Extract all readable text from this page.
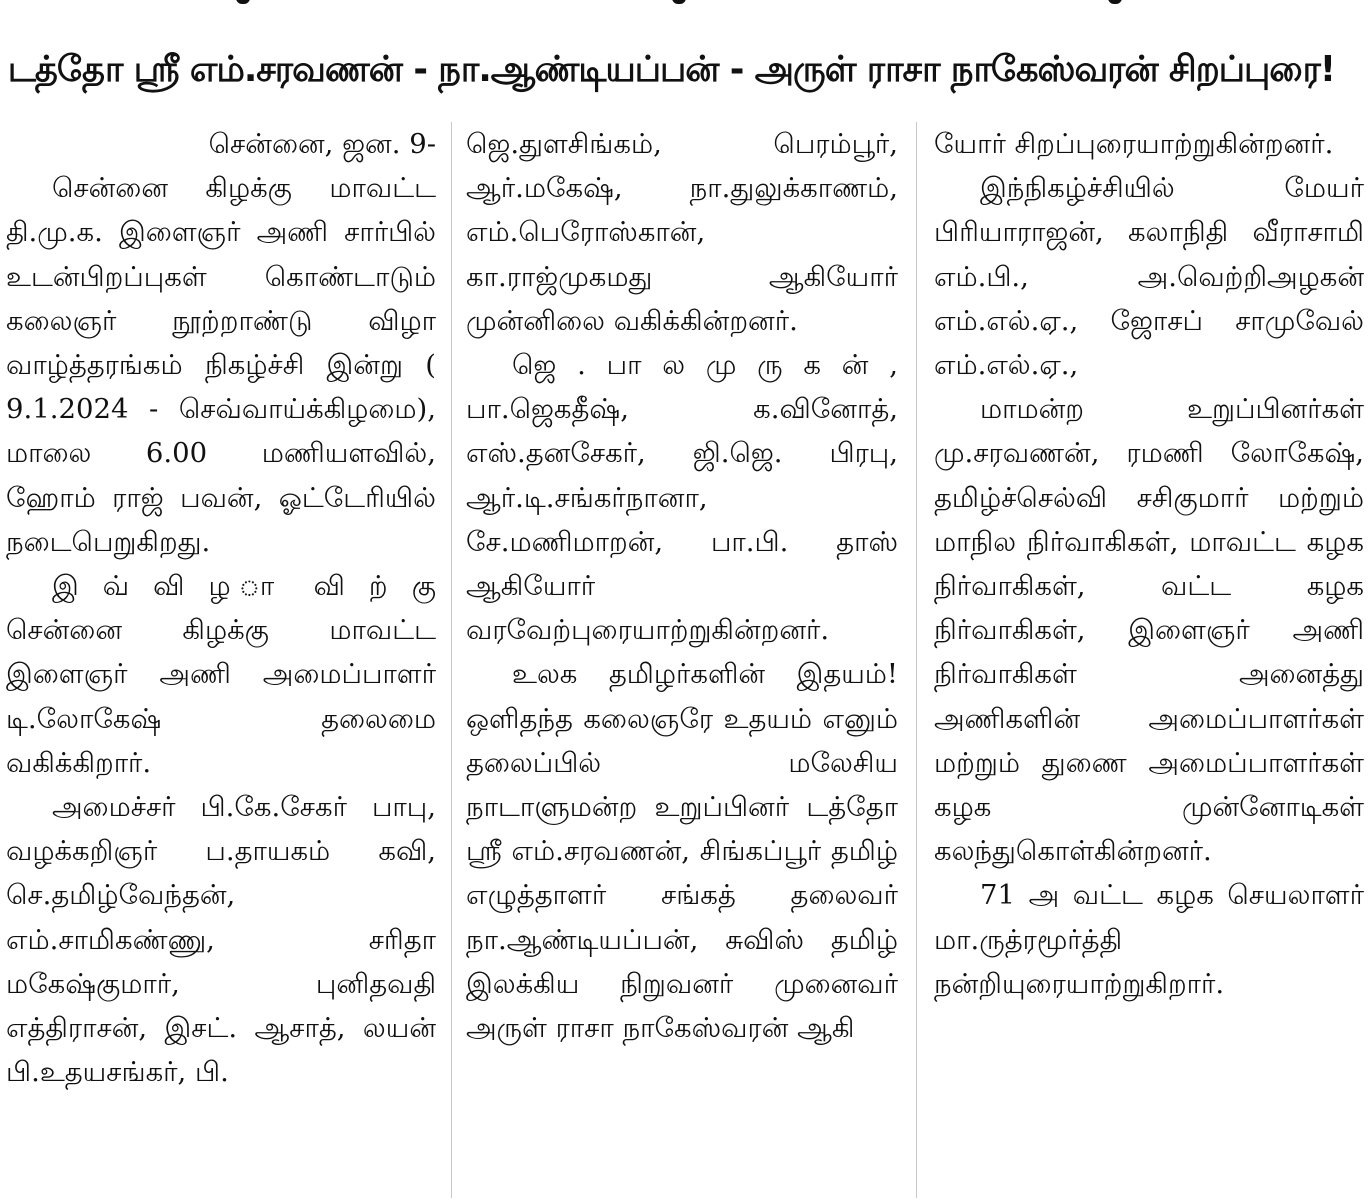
டத்தோ ஸ்ரீ எம்.சரவணன் - நா.ஆண்டியப்பன் - அருள் ராசா நாகேஸ்வரன் சிறப்புரை!

சென்னை, ஜன. 9-

சென்னை கிழக்கு மாவட்ட தி.மு.க. இளைஞர் அணி சார்பில் உடன்பிறப்புகள் கொண்டாடும் கலைஞர் நூற்றாண்டு விழா வாழ்த்தரங்கம் நிகழ்ச்சி இன்று ( 9.1.2024 - செவ்வாய்க்கிழமை), மாலை 6.00 மணியளவில், ஹோம் ராஜ் பவன், ஓட்டேரியில் நடைபெறுகிறது.

இ வ் வி ழ ா வி ற் கு சென்னை கிழக்கு மாவட்ட இளைஞர் அணி அமைப்பாளர் டி.லோகேஷ் தலைமை வகிக்கிறார்.

அமைச்சர் பி.கே.சேகர் பாபு, வழக்கறிஞர் ப.தாயகம் கவி, செ.தமிழ்வேந்தன், எம்.சாமிகண்ணு, சரிதா மகேஷ்குமார், புனிதவதி எத்திராசன், இசட். ஆசாத், லயன் பி.உதயசங்கர், பி.

ஜெ.துளசிங்கம், பெரம்பூர், ஆர்.மகேஷ், நா.துலுக்காணம், எம்.பெரோஸ்கான், கா.ராஜ்முகமது ஆகியோர் முன்னிலை வகிக்கின்றனர்.

ஜெ . பா ல மு ரு க ன் , பா.ஜெகதீஷ், க.வினோத், எஸ்.தனசேகர், ஜி.ஜெ. பிரபு, ஆர்.டி.சங்கர்நானா, சே.மணிமாறன், பா.பி. தாஸ் ஆகியோர் வரவேற்புரையாற்றுகின்றனர்.

உலக தமிழர்களின் இதயம்! ஒளிதந்த கலைஞரே உதயம் எனும் தலைப்பில் மலேசிய நாடாளுமன்ற உறுப்பினர் டத்தோ ஸ்ரீ எம்.சரவணன், சிங்கப்பூர் தமிழ் எழுத்தாளர் சங்கத் தலைவர் நா.ஆண்டியப்பன், சுவிஸ் தமிழ் இலக்கிய நிறுவனர் முனைவர் அருள் ராசா நாகேஸ்வரன் ஆகி

யோர் சிறப்புரையாற்றுகின்றனர்.

இந்நிகழ்ச்சியில் மேயர் பிரியாராஜன், கலாநிதி வீராசாமி எம்.பி., அ.வெற்றிஅழகன் எம்.எல்.ஏ., ஜோசப் சாமுவேல் எம்.எல்.ஏ.,

மாமன்ற உறுப்பினர்கள் மு.சரவணன், ரமணி லோகேஷ், தமிழ்ச்செல்வி சசிகுமார் மற்றும் மாநில நிர்வாகிகள், மாவட்ட கழக நிர்வாகிகள், வட்ட கழக நிர்வாகிகள், இளைஞர் அணி நிர்வாகிகள் அனைத்து அணிகளின் அமைப்பாளர்கள் மற்றும் துணை அமைப்பாளர்கள் கழக முன்னோடிகள் கலந்துகொள்கின்றனர்.

71 அ வட்ட கழக செயலாளர் மா.ருத்ரமூர்த்தி நன்றியுரையாற்றுகிறார்.
